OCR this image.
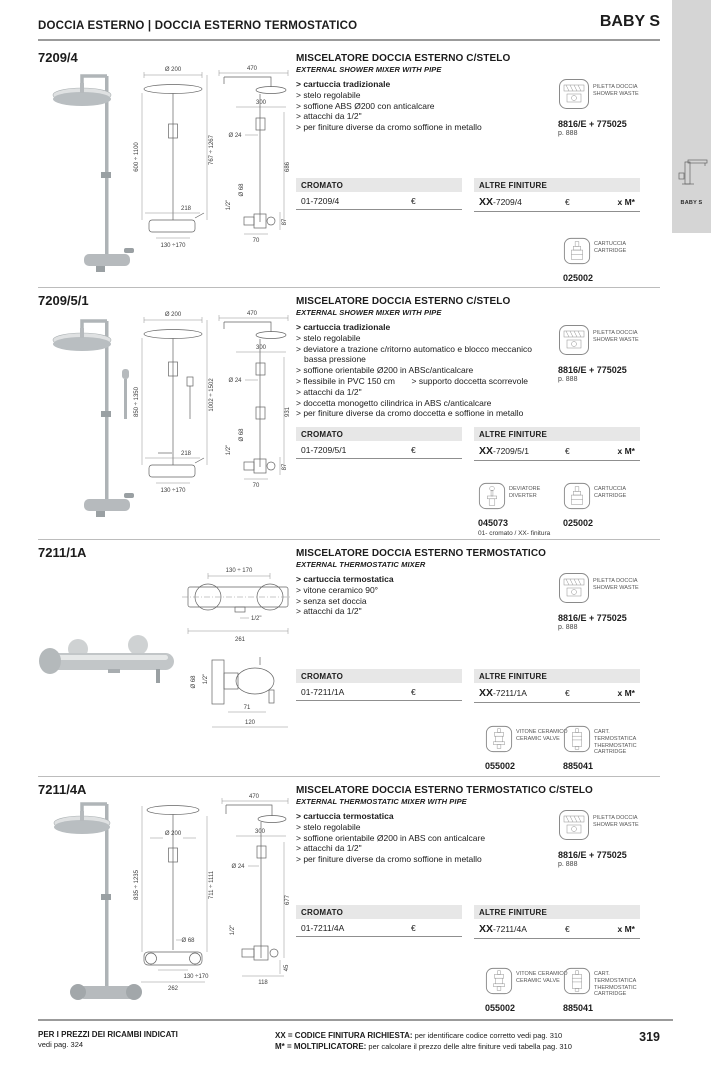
DOCCIA ESTERNO | DOCCIA ESTERNO TERMOSTATICO	BABY S
BABY S
7209/4
Ø 200
600 ÷ 1100	767 ÷ 1267
218
130 ÷170
470
300
Ø 24
686
Ø 68
1/2"
70
87
MISCELATORE DOCCIA ESTERNO C/STELO
EXTERNAL SHOWER MIXER WITH PIPE
> cartuccia tradizionale
> stelo regolabile
> soffione ABS Ø200 con anticalcare
> attacchi da 1/2"
> per finiture diverse da cromo soffione in metallo
PILETTA DOCCIA
SHOWER WASTE
8816/E + 775025
p. 888
CROMATO
01-7209/4	€
ALTRE FINITURE
XX-7209/4	€	x M*
CARTUCCIA
CARTRIDGE
025002
7209/5/1
Ø 200
850 ÷ 1350	1002 ÷ 1502
218
130 ÷170
470
300
Ø 24
931
Ø 68
1/2"
70
87
MISCELATORE DOCCIA ESTERNO C/STELO
EXTERNAL SHOWER MIXER WITH PIPE
> cartuccia tradizionale
> stelo regolabile
> deviatore a trazione c/ritorno automatico e blocco meccanico bassa pressione
> soffione orientabile Ø200 in ABSc/anticalcare
> flessibile in PVC 150 cm       > supporto doccetta scorrevole
> attacchi da 1/2"
> doccetta monogetto cilindrica in ABS c/anticalcare
> per finiture diverse da cromo doccetta e soffione in metallo
PILETTA DOCCIA
SHOWER WASTE
8816/E + 775025
p. 888
CROMATO
01-7209/5/1	€
ALTRE FINITURE
XX-7209/5/1	€	x M*
DEVIATORE
DIVERTER
045073
01- cromato / XX- finitura
CARTUCCIA
CARTRIDGE
025002
7211/1A
130 ÷ 170
1/2"
261
Ø 68 1/2"
71
120
MISCELATORE DOCCIA ESTERNO TERMOSTATICO
EXTERNAL THERMOSTATIC MIXER
> cartuccia termostatica
> vitone ceramico 90°
> senza set doccia
> attacchi da 1/2"
PILETTA DOCCIA
SHOWER WASTE
8816/E + 775025
p. 888
CROMATO
01-7211/1A	€
ALTRE FINITURE
XX-7211/1A	€	x M*
VITONE CERAMICO
CERAMIC VALVE
055002
CART. TERMOSTATICA
THERMOSTATIC
CARTRIDGE
885041
7211/4A
Ø 200
835 ÷ 1235	711 ÷ 1111
Ø 68
130 ÷170
262
470
300
Ø 24
677
1/2"
118
45
MISCELATORE DOCCIA ESTERNO TERMOSTATICO C/STELO
EXTERNAL THERMOSTATIC MIXER WITH PIPE
> cartuccia termostatica
> stelo regolabile
> soffione orientabile Ø200 in ABS con anticalcare
> attacchi da 1/2"
> per finiture diverse da cromo soffione in metallo
PILETTA DOCCIA
SHOWER WASTE
8816/E + 775025
p. 888
CROMATO
01-7211/4A	€
ALTRE FINITURE
XX-7211/4A	€	x M*
VITONE CERAMICO
CERAMIC VALVE
055002
CART. TERMOSTATICA
THERMOSTATIC
CARTRIDGE
885041
PER I PREZZI DEI RICAMBI INDICATI
vedi pag. 324
XX = CODICE FINITURA RICHIESTA: per identificare codice corretto vedi pag. 310
M* = MOLTIPLICATORE: per calcolare il prezzo delle altre finiture vedi tabella pag. 310
319
